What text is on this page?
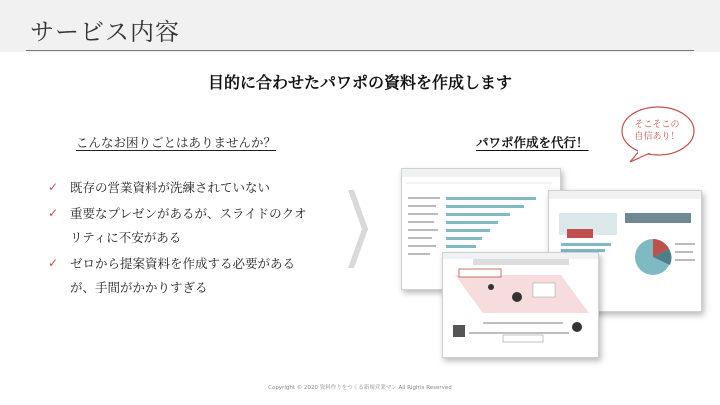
サービス内容
目的に合わせたパワポの資料を作成します
こんなお困りごとはありませんか？
✓ 既存の営業資料が洗練されていない
✓ 重要なプレゼンがあるが、スライドのクオリティに不安がある
✓ ゼロから提案資料を作成する必要があるが、手間がかかりすぎる
パワポ作成を代行！
そこそこの
自信あり！
Copyright © 2020 資料作りをつくる新規営業マン All Rights Reserved
